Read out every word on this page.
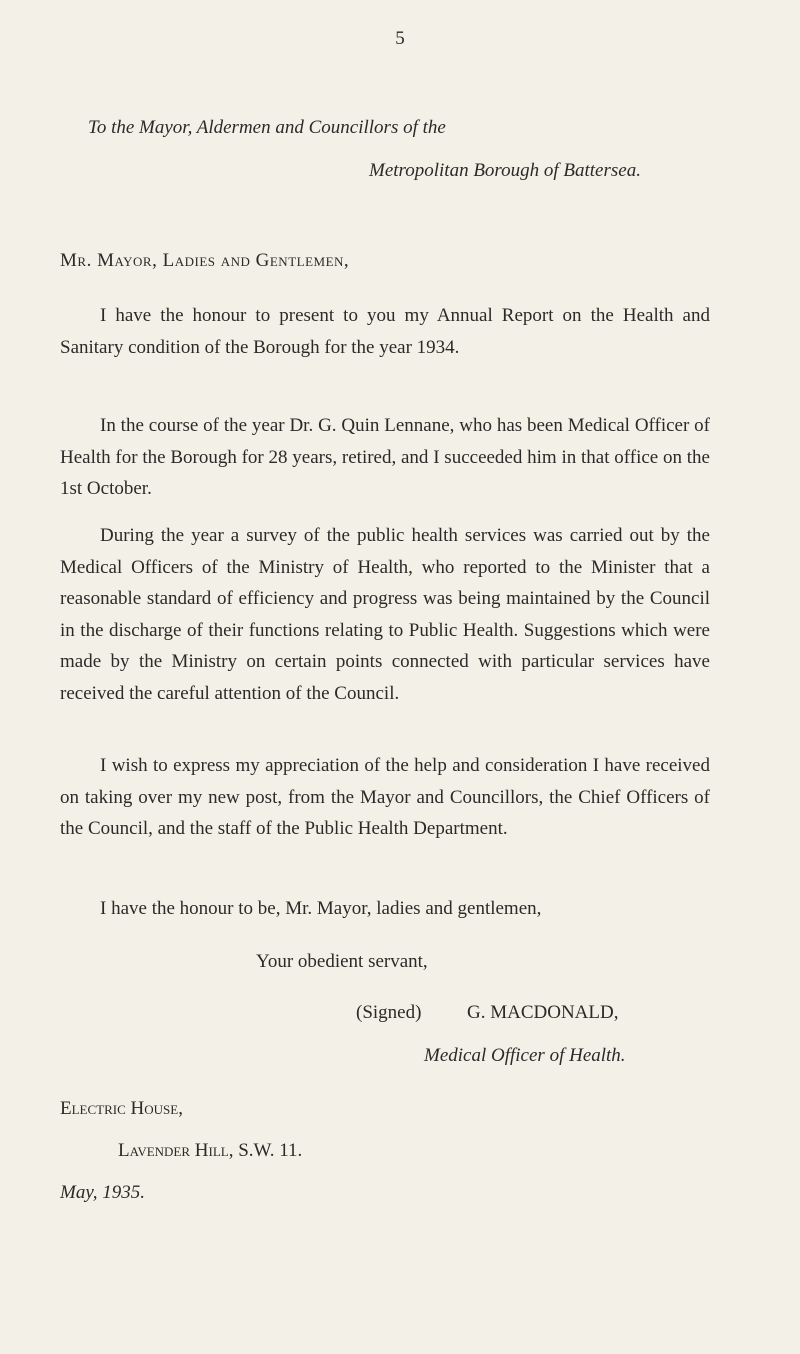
5
To the Mayor, Aldermen and Councillors of the
Metropolitan Borough of Battersea.
Mr. Mayor, Ladies and Gentlemen,

I have the honour to present to you my Annual Report on the Health and Sanitary condition of the Borough for the year 1934.

In the course of the year Dr. G. Quin Lennane, who has been Medical Officer of Health for the Borough for 28 years, retired, and I succeeded him in that office on the 1st October.

During the year a survey of the public health services was carried out by the Medical Officers of the Ministry of Health, who reported to the Minister that a reasonable standard of efficiency and progress was being maintained by the Council in the discharge of their functions relating to Public Health. Suggestions which were made by the Ministry on certain points connected with particular services have received the careful attention of the Council.

I wish to express my appreciation of the help and consideration I have received on taking over my new post, from the Mayor and Councillors, the Chief Officers of the Council, and the staff of the Public Health Department.

I have the honour to be, Mr. Mayor, ladies and gentlemen,
Your obedient servant,
(Signed) G. MACDONALD,
Medical Officer of Health.
Electric House,
Lavender Hill, S.W. 11.
May, 1935.
